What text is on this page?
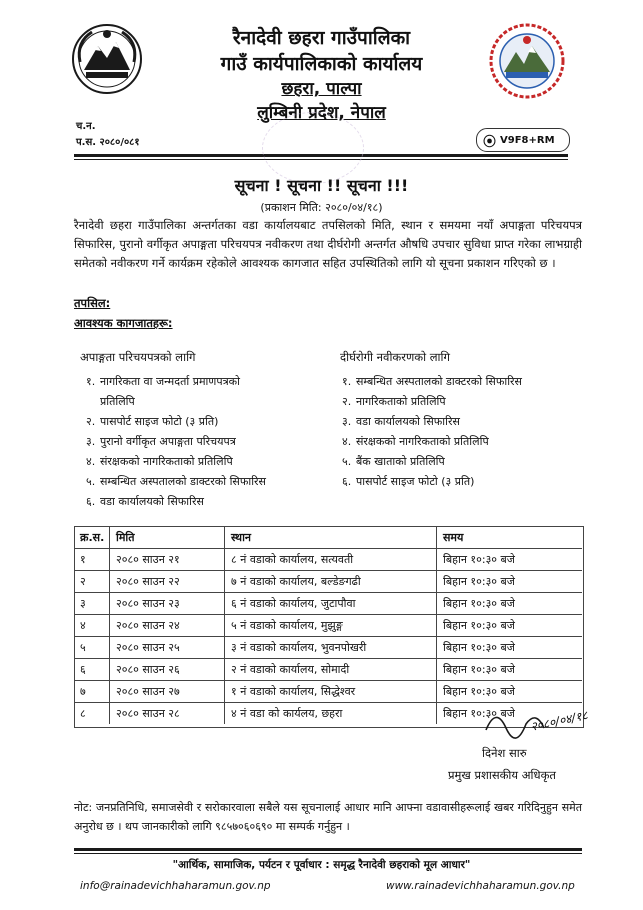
रैनादेवी छहरा गाउँपालिका
गाउँ कार्यपालिकाको कार्यालय
छहरा, पाल्पा
लुम्बिनी प्रदेश, नेपाल
च.न.
प.स. २०८०/०८१	⦿ V9F8+RM
सूचना ! सूचना !! सूचना !!!
(प्रकाशन मिति: २०८०/०४/१८)
रैनादेवी छहरा गाउँपालिका अन्तर्गतका वडा कार्यालयबाट तपसिलको मिति, स्थान र समयमा नयाँ अपाङ्गता परिचयपत्र सिफारिस, पुरानो वर्गीकृत अपाङ्गता परिचयपत्र नवीकरण तथा दीर्घरोगी अन्तर्गत औषधि उपचार सुविधा प्राप्त गरेका लाभग्राही समेतको नवीकरण गर्ने कार्यक्रम रहेकोले आवश्यक कागजात सहित उपस्थितिको लागि यो सूचना प्रकाशन गरिएको छ ।
तपसिल:
आवश्यक कागजातहरू:
अपाङ्गता परिचयपत्रको लागि
१. नागरिकता वा जन्मदर्ता प्रमाणपत्रको
प्रतिलिपि
२. पासपोर्ट साइज फोटो (३ प्रति)
३. पुरानो वर्गीकृत अपाङ्गता परिचयपत्र
४. संरक्षकको नागरिकताको प्रतिलिपि
५. सम्बन्धित अस्पतालको डाक्टरको सिफारिस
६. वडा कार्यालयको सिफारिस
दीर्घरोगी नवीकरणको लागि
१. सम्बन्धित अस्पतालको डाक्टरको सिफारिस
२. नागरिकताको प्रतिलिपि
३. वडा कार्यालयको सिफारिस
४. संरक्षकको नागरिकताको प्रतिलिपि
५. बैंक खाताको प्रतिलिपि
६. पासपोर्ट साइज फोटो (३ प्रति)
क्र.स.	मिति	स्थान	समय
१	२०८० साउन २१	८ नं वडाको कार्यालय, सत्यवती	बिहान १०:३० बजे
२	२०८० साउन २२	७ नं वडाको कार्यालय, बल्डेङगढी	बिहान १०:३० बजे
३	२०८० साउन २३	६ नं वडाको कार्यालय, जुटापौवा	बिहान १०:३० बजे
४	२०८० साउन २४	५ नं वडाको कार्यालय, मुझुङ्ग	बिहान १०:३० बजे
५	२०८० साउन २५	३ नं वडाको कार्यालय, भुवनपोखरी	बिहान १०:३० बजे
६	२०८० साउन २६	२ नं वडाको कार्यालय, सोमादी	बिहान १०:३० बजे
७	२०८० साउन २७	१ नं वडाको कार्यालय, सिद्धेश्वर	बिहान १०:३० बजे
८	२०८० साउन २८	४ नं वडा को कार्यलय, छहरा	बिहान १०:३० बजे	२०८०/०४/१८
दिनेश सारु
प्रमुख प्रशासकीय अधिकृत
नोट: जनप्रतिनिधि, समाजसेवी र सरोकारवाला सबैले यस सूचनालाई आधार मानि आफ्ना वडावासीहरूलाई खबर गरिदिनुहुन समेत अनुरोध छ । थप जानकारीको लागि ९८५७०६०६९० मा सम्पर्क गर्नुहुन ।
"आर्थिक, सामाजिक, पर्यटन र पूर्वाधार : समृद्ध रैनादेवी छहराको मूल आधार"
info@rainadevichhaharamun.gov.np	www.rainadevichhaharamun.gov.np
